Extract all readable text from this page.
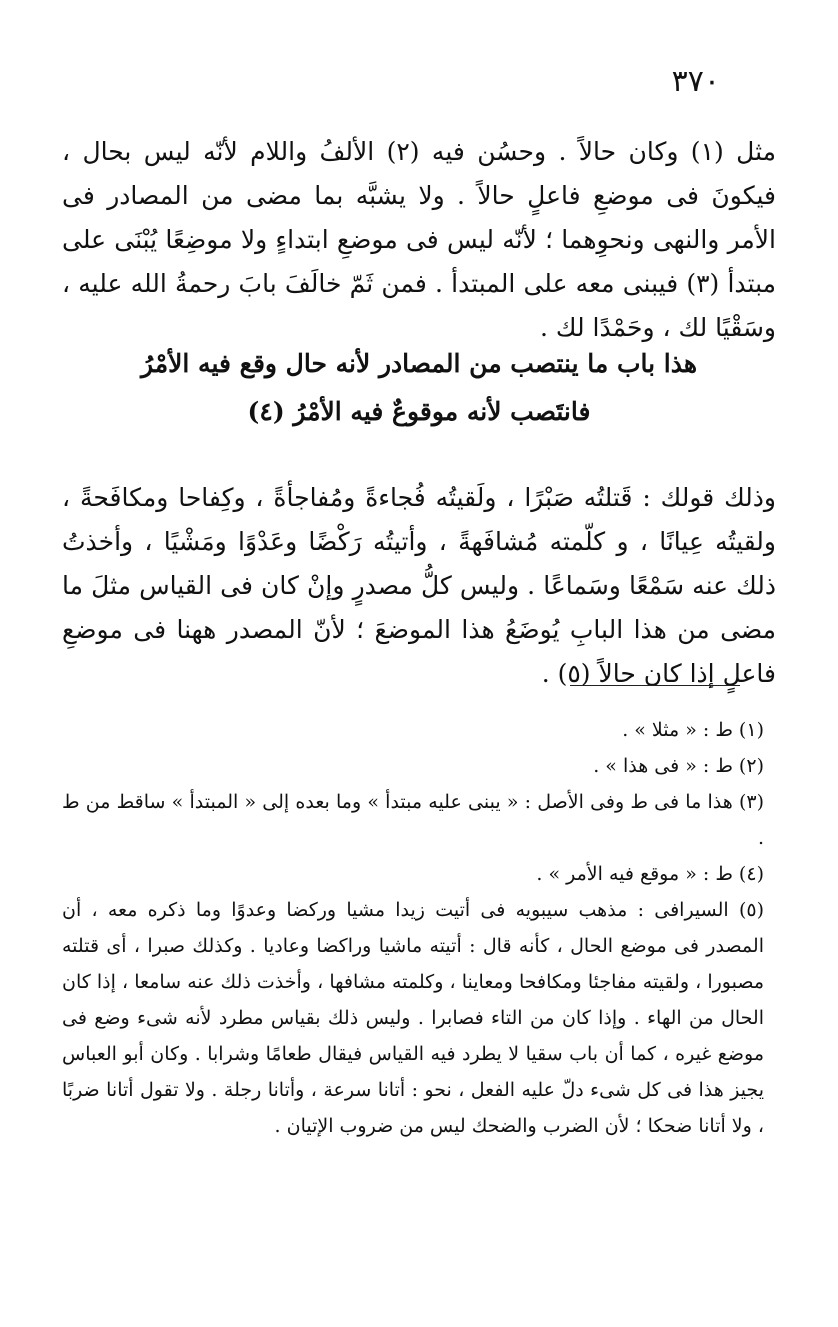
٣٧٠
مثل (١) وكان حالاً . وحسُن فيه (٢) الألفُ واللام لأنّه ليس بحال ، فيكونَ فى موضعِ فاعلٍ حالاً . ولا يشبَّه بما مضى من المصادر فى الأمر والنهى ونحوِهما ؛ لأنّه ليس فى موضعِ ابتداءٍ ولا موضِعًا يُبْنَى على مبتدأ (٣) فيبنى معه على المبتدأ . فمن ثَمّ خالَفَ بابَ رحمةُ الله عليه ، وسَقْيًا لك ، وحَمْدًا لك .
هذا باب ما ينتصب من المصادر لأنه حال وقع فيه الأمْرُ
فانتَصب لأنه موقوعٌ فيه الأمْرُ (٤)
وذلك قولك : قَتلتُه صَبْرًا ، ولَقيتُه فُجاءةً ومُفاجأةً ، وكِفاحا ومكافَحةً ، ولقيتُه عِيانًا ، و كلّمته مُشافَهةً ، وأتيتُه رَكْضًا وعَدْوًا ومَشْيًا ، وأخذتُ ذلك عنه سَمْعًا وسَماعًا . وليس كلُّ مصدرٍ وإنْ كان فى القياس مثلَ ما مضى من هذا البابِ يُوضَعُ هذا الموضعَ ؛ لأنّ المصدر ههنا فى موضعِ فاعلٍ إذا كان حالاً (٥) .

(١) ط : « مثلا » .

(٢) ط : « فى هذا » .

(٣) هذا ما فى ط وفى الأصل : « يبنى عليه مبتدأ » وما بعده إلى « المبتدأ » ساقط من ط .

(٤) ط : « موقع فيه الأمر » .

(٥) السيرافى : مذهب سيبويه فى أتيت زيدا مشيا وركضا وعدوًا وما ذكره معه ، أن المصدر فى موضع الحال ، كأنه قال : أتيته ماشيا وراكضا وعاديا . وكذلك صبرا ، أى قتلته مصبورا ، ولقيته مفاجئا ومكافحا ومعاينا ، وكلمته مشافها ، وأخذت ذلك عنه سامعا ، إذا كان الحال من الهاء . وإذا كان من التاء فصابرا . وليس ذلك بقياس مطرد لأنه شىء وضع فى موضع غيره ، كما أن باب سقيا لا يطرد فيه القياس فيقال طعامًا وشرابا . وكان أبو العباس يجيز هذا فى كل شىء دلّ عليه الفعل ، نحو : أتانا سرعة ، وأتانا رجلة . ولا تقول أتانا ضربًا ، ولا أتانا ضحكا ؛ لأن الضرب والضحك ليس من ضروب الإتيان .
